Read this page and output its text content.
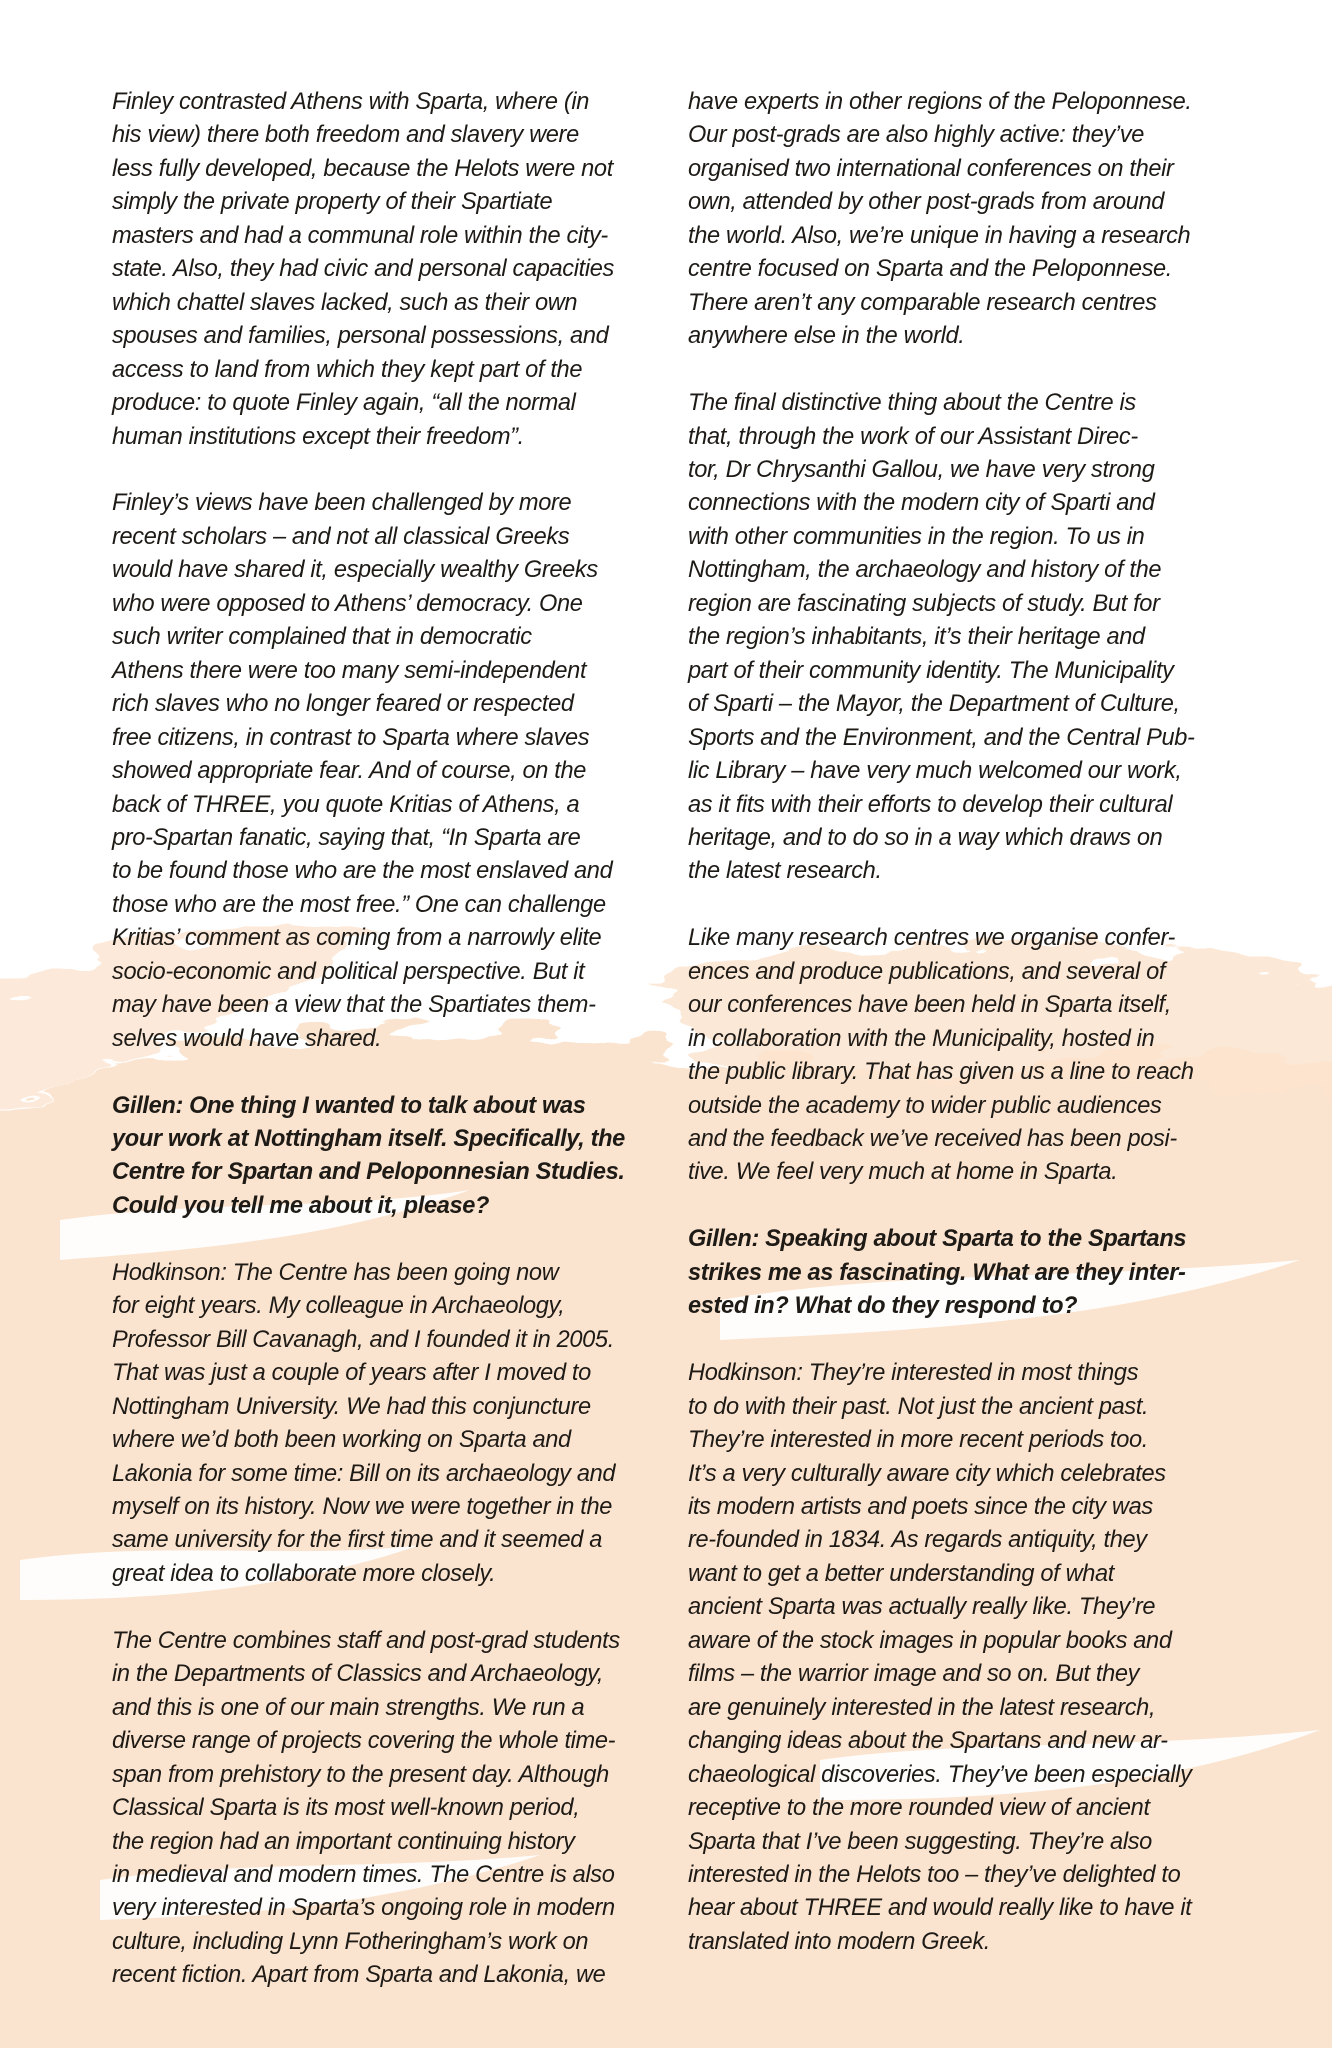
Finley contrasted Athens with Sparta, where (in
his view) there both freedom and slavery were
less fully developed, because the Helots were not
simply the private property of their Spartiate
masters and had a communal role within the city-
state. Also, they had civic and personal capacities
which chattel slaves lacked, such as their own
spouses and families, personal possessions, and
access to land from which they kept part of the
produce: to quote Finley again, “all the normal
human institutions except their freedom”.

Finley’s views have been challenged by more
recent scholars – and not all classical Greeks
would have shared it, especially wealthy Greeks
who were opposed to Athens’ democracy. One
such writer complained that in democratic
Athens there were too many semi-independent
rich slaves who no longer feared or respected
free citizens, in contrast to Sparta where slaves
showed appropriate fear. And of course, on the
back of THREE, you quote Kritias of Athens, a
pro-Spartan fanatic, saying that, “In Sparta are
to be found those who are the most enslaved and
those who are the most free.” One can challenge
Kritias’ comment as coming from a narrowly elite
socio-economic and political perspective. But it
may have been a view that the Spartiates them-
selves would have shared.

Gillen: One thing I wanted to talk about was
your work at Nottingham itself. Specifically, the
Centre for Spartan and Peloponnesian Studies.
Could you tell me about it, please?

Hodkinson: The Centre has been going now
for eight years. My colleague in Archaeology,
Professor Bill Cavanagh, and I founded it in 2005.
That was just a couple of years after I moved to
Nottingham University. We had this conjuncture
where we’d both been working on Sparta and
Lakonia for some time: Bill on its archaeology and
myself on its history. Now we were together in the
same university for the first time and it seemed a
great idea to collaborate more closely.

The Centre combines staff and post-grad students
in the Departments of Classics and Archaeology,
and this is one of our main strengths. We run a
diverse range of projects covering the whole time-
span from prehistory to the present day. Although
Classical Sparta is its most well-known period,
the region had an important continuing history
in medieval and modern times. The Centre is also
very interested in Sparta’s ongoing role in modern
culture, including Lynn Fotheringham’s work on
recent fiction. Apart from Sparta and Lakonia, we

have experts in other regions of the Peloponnese.
Our post-grads are also highly active: they’ve
organised two international conferences on their
own, attended by other post-grads from around
the world. Also, we’re unique in having a research
centre focused on Sparta and the Peloponnese.
There aren’t any comparable research centres
anywhere else in the world.

The final distinctive thing about the Centre is
that, through the work of our Assistant Direc-
tor, Dr Chrysanthi Gallou, we have very strong
connections with the modern city of Sparti and
with other communities in the region. To us in
Nottingham, the archaeology and history of the
region are fascinating subjects of study. But for
the region’s inhabitants, it’s their heritage and
part of their community identity. The Municipality
of Sparti – the Mayor, the Department of Culture,
Sports and the Environment, and the Central Pub-
lic Library – have very much welcomed our work,
as it fits with their efforts to develop their cultural
heritage, and to do so in a way which draws on
the latest research.

Like many research centres we organise confer-
ences and produce publications, and several of
our conferences have been held in Sparta itself,
in collaboration with the Municipality, hosted in
the public library. That has given us a line to reach
outside the academy to wider public audiences
and the feedback we’ve received has been posi-
tive. We feel very much at home in Sparta.

Gillen: Speaking about Sparta to the Spartans
strikes me as fascinating. What are they inter-
ested in? What do they respond to?

Hodkinson: They’re interested in most things
to do with their past. Not just the ancient past.
They’re interested in more recent periods too.
It’s a very culturally aware city which celebrates
its modern artists and poets since the city was
re-founded in 1834. As regards antiquity, they
want to get a better understanding of what
ancient Sparta was actually really like. They’re
aware of the stock images in popular books and
films – the warrior image and so on. But they
are genuinely interested in the latest research,
changing ideas about the Spartans and new ar-
chaeological discoveries. They’ve been especially
receptive to the more rounded view of ancient
Sparta that I’ve been suggesting. They’re also
interested in the Helots too – they’ve delighted to
hear about THREE and would really like to have it
translated into modern Greek.
